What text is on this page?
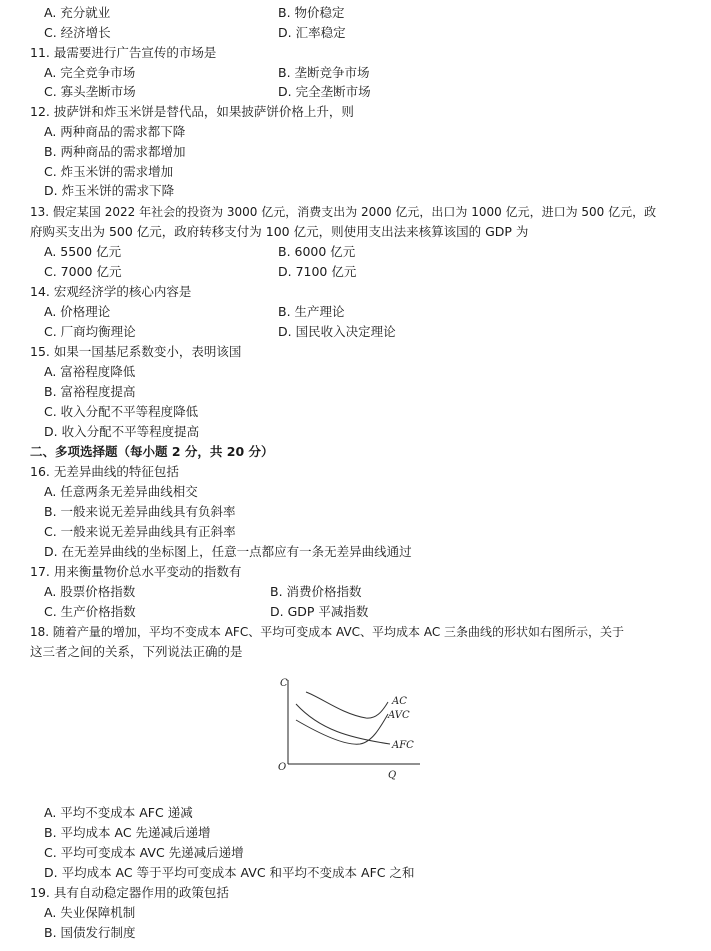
A. 充分就业	B. 物价稳定
C. 经济增长	D. 汇率稳定
11. 最需要进行广告宣传的市场是
A. 完全竞争市场	B. 垄断竞争市场
C. 寡头垄断市场	D. 完全垄断市场
12. 披萨饼和炸玉米饼是替代品，如果披萨饼价格上升，则
A. 两种商品的需求都下降
B. 两种商品的需求都增加
C. 炸玉米饼的需求增加
D. 炸玉米饼的需求下降
13. 假定某国 2022 年社会的投资为 3000 亿元，消费支出为 2000 亿元，出口为 1000 亿元，进口为 500 亿元，政
府购买支出为 500 亿元，政府转移支付为 100 亿元，则使用支出法来核算该国的 GDP 为
A. 5500 亿元	B. 6000 亿元
C. 7000 亿元	D. 7100 亿元
14. 宏观经济学的核心内容是
A. 价格理论	B. 生产理论
C. 厂商均衡理论	D. 国民收入决定理论
15. 如果一国基尼系数变小，表明该国
A. 富裕程度降低
B. 富裕程度提高
C. 收入分配不平等程度降低
D. 收入分配不平等程度提高
二、多项选择题（每小题 2 分，共 20 分）
16. 无差异曲线的特征包括
A. 任意两条无差异曲线相交
B. 一般来说无差异曲线具有负斜率
C. 一般来说无差异曲线具有正斜率
D. 在无差异曲线的坐标图上，任意一点都应有一条无差异曲线通过
17. 用来衡量物价总水平变动的指数有
A. 股票价格指数	B. 消费价格指数
C. 生产价格指数	D. GDP 平减指数
18. 随着产量的增加，平均不变成本 AFC、平均可变成本 AVC、平均成本 AC 三条曲线的形状如右图所示，关于
这三者之间的关系，下列说法正确的是
C
Q
O
AC
AVC
AFC
A. 平均不变成本 AFC 递减
B. 平均成本 AC 先递减后递增
C. 平均可变成本 AVC 先递减后递增
D. 平均成本 AC 等于平均可变成本 AVC 和平均不变成本 AFC 之和
19. 具有自动稳定器作用的政策包括
A. 失业保障机制
B. 国债发行制度
